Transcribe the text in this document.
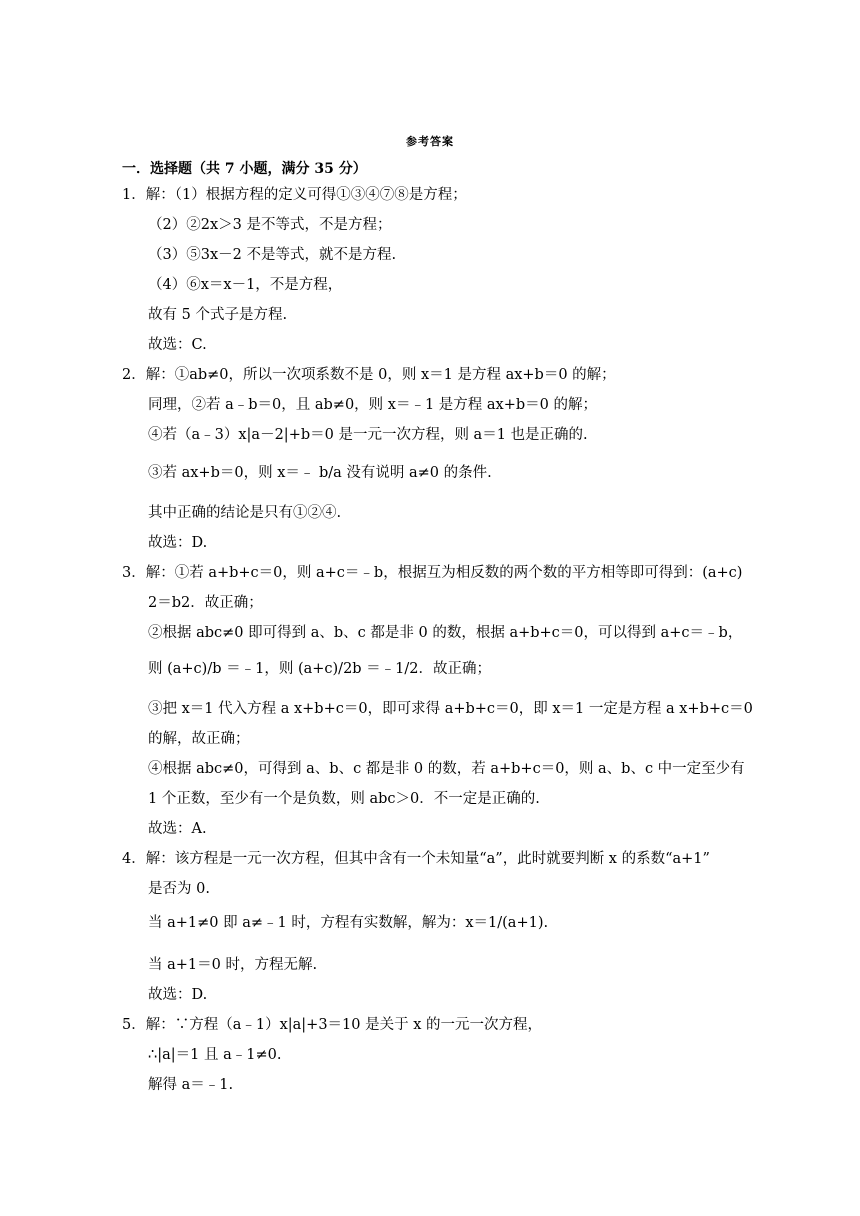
参考答案
一．选择题（共 7 小题，满分 35 分）
1．解：（1）根据方程的定义可得①③④⑦⑧是方程；
（2）②2x＞3 是不等式，不是方程；
（3）⑤3x－2 不是等式，就不是方程.
（4）⑥x＝x－1，不是方程，
故有 5 个式子是方程.
故选：C.
2．解：①ab≠0，所以一次项系数不是 0，则 x＝1 是方程 ax+b＝0 的解；
同理，②若 a﹣b＝0，且 ab≠0，则 x＝﹣1 是方程 ax+b＝0 的解；
④若（a﹣3）x|a－2|+b＝0 是一元一次方程，则 a＝1 也是正确的.
③若 ax+b＝0，则 x＝﹣ b/a 没有说明 a≠0 的条件.
其中正确的结论是只有①②④.
故选：D.
3．解：①若 a+b+c＝0，则 a+c＝﹣b，根据互为相反数的两个数的平方相等即可得到：(a+c)
2＝b2．故正确；
②根据 abc≠0 即可得到 a、b、c 都是非 0 的数，根据 a+b+c＝0，可以得到 a+c＝﹣b，
则 (a+c)/b ＝﹣1，则 (a+c)/2b ＝﹣1/2．故正确；
③把 x＝1 代入方程 a x+b+c＝0，即可求得 a+b+c＝0，即 x＝1 一定是方程 a x+b+c＝0
的解，故正确；
④根据 abc≠0，可得到 a、b、c 都是非 0 的数，若 a+b+c＝0，则 a、b、c 中一定至少有
1 个正数，至少有一个是负数，则 abc＞0．不一定是正确的.
故选：A.
4．解：该方程是一元一次方程，但其中含有一个未知量“a”，此时就要判断 x 的系数“a+1”
是否为 0.
当 a+1≠0 即 a≠﹣1 时，方程有实数解，解为：x＝1/(a+1).
当 a+1＝0 时，方程无解.
故选：D.
5．解：∵方程（a﹣1）x|a|+3＝10 是关于 x 的一元一次方程，
∴|a|＝1 且 a﹣1≠0.
解得 a＝﹣1.
